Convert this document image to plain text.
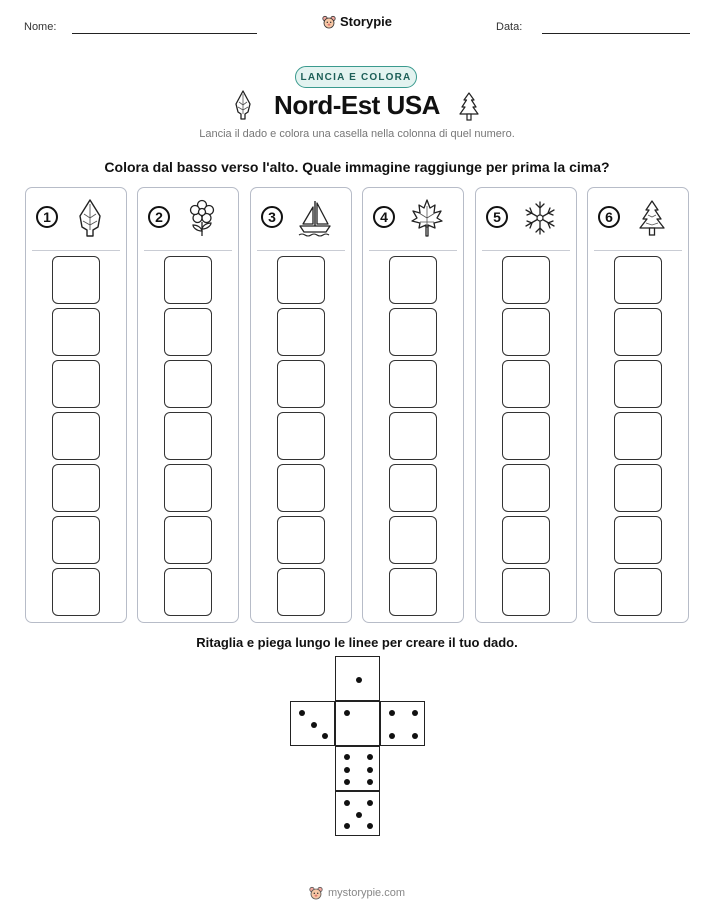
Nome:	Storypie	Data:
LANCIA E COLORA
Nord-Est USA
Lancia il dado e colora una casella nella colonna di quel numero.
Colora dal basso verso l'alto. Quale immagine raggiunge per prima la cima?
1	2	3	4	5	6
Ritaglia e piega lungo le linee per creare il tuo dado.
mystorypie.com
